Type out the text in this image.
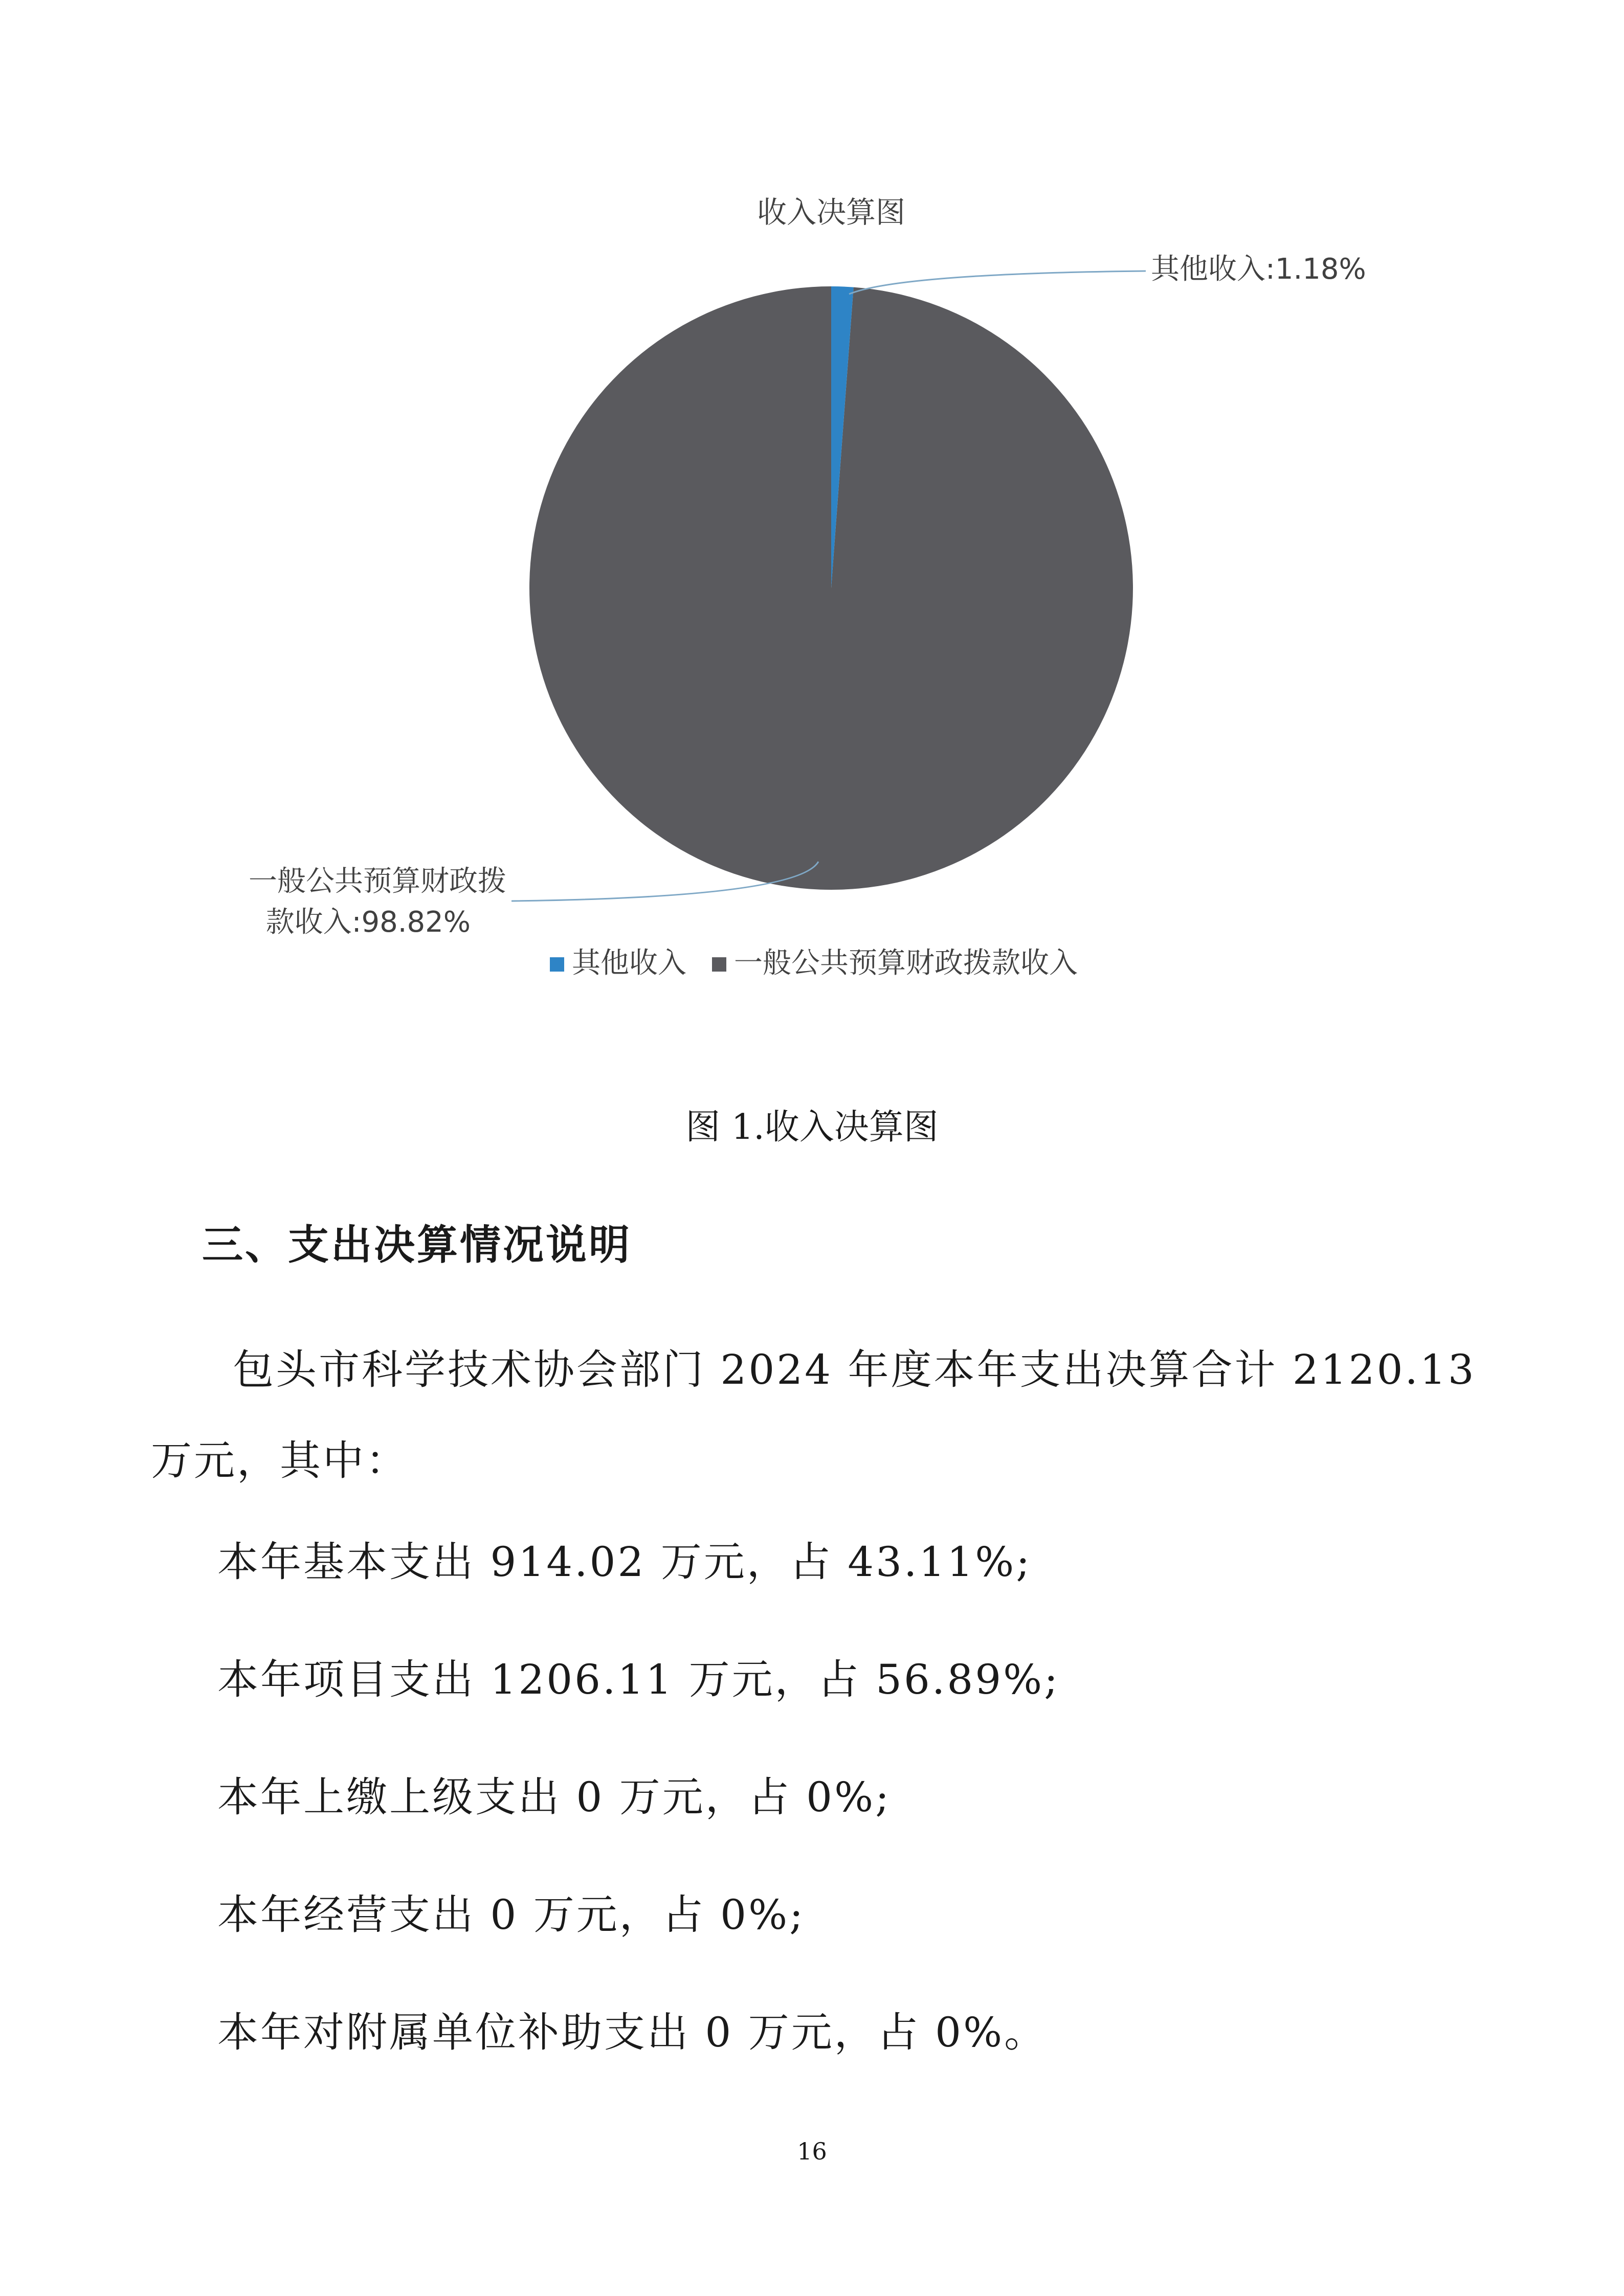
收入决算图
其他收入:1.18%
一般公共预算财政拨
款收入:98.82%
其他收入 一般公共预算财政拨款收入
图 1.收入决算图
三、支出决算情况说明
包头市科学技术协会部门 2024 年度本年支出决算合计 2120.13 万元，其中：
本年基本支出 914.02 万元，占 43.11%;
本年项目支出 1206.11 万元，占 56.89%;
本年上缴上级支出 0 万元，占 0%;
本年经营支出 0 万元，占 0%;
本年对附属单位补助支出 0 万元，占 0%。
16
